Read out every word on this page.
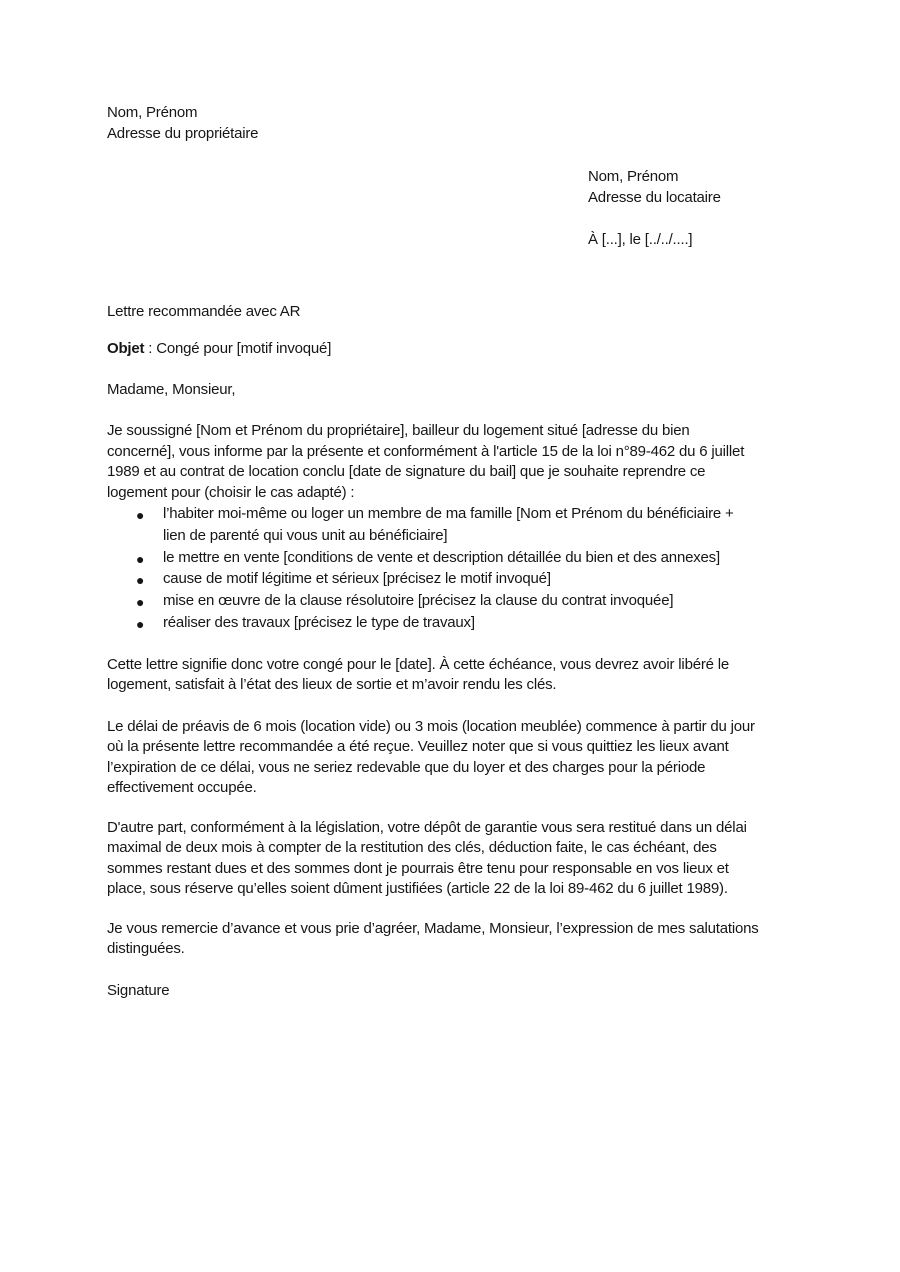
Nom, Prénom
Adresse du propriétaire
Nom, Prénom
Adresse du locataire
À [...], le [../../....]
Lettre recommandée avec AR
Objet : Congé pour [motif invoqué]
Madame, Monsieur,
Je soussigné [Nom et Prénom du propriétaire], bailleur du logement situé [adresse du bien
concerné], vous informe par la présente et conformément à l'article 15 de la loi n°89-462 du 6 juillet
1989 et au contrat de location conclu [date de signature du bail] que je souhaite reprendre ce
logement pour (choisir le cas adapté) :
● l’habiter moi-même ou loger un membre de ma famille [Nom et Prénom du bénéficiaire +
lien de parenté qui vous unit au bénéficiaire]
● le mettre en vente [conditions de vente et description détaillée du bien et des annexes]
● cause de motif légitime et sérieux [précisez le motif invoqué]
● mise en œuvre de la clause résolutoire [précisez la clause du contrat invoquée]
● réaliser des travaux [précisez le type de travaux]
Cette lettre signifie donc votre congé pour le [date]. À cette échéance, vous devrez avoir libéré le
logement, satisfait à l’état des lieux de sortie et m’avoir rendu les clés.
Le délai de préavis de 6 mois (location vide) ou 3 mois (location meublée) commence à partir du jour
où la présente lettre recommandée a été reçue. Veuillez noter que si vous quittiez les lieux avant
l’expiration de ce délai, vous ne seriez redevable que du loyer et des charges pour la période
effectivement occupée.
D'autre part, conformément à la législation, votre dépôt de garantie vous sera restitué dans un délai
maximal de deux mois à compter de la restitution des clés, déduction faite, le cas échéant, des
sommes restant dues et des sommes dont je pourrais être tenu pour responsable en vos lieux et
place, sous réserve qu’elles soient dûment justifiées (article 22 de la loi 89-462 du 6 juillet 1989).
Je vous remercie d’avance et vous prie d’agréer, Madame, Monsieur, l’expression de mes salutations
distinguées.
Signature
